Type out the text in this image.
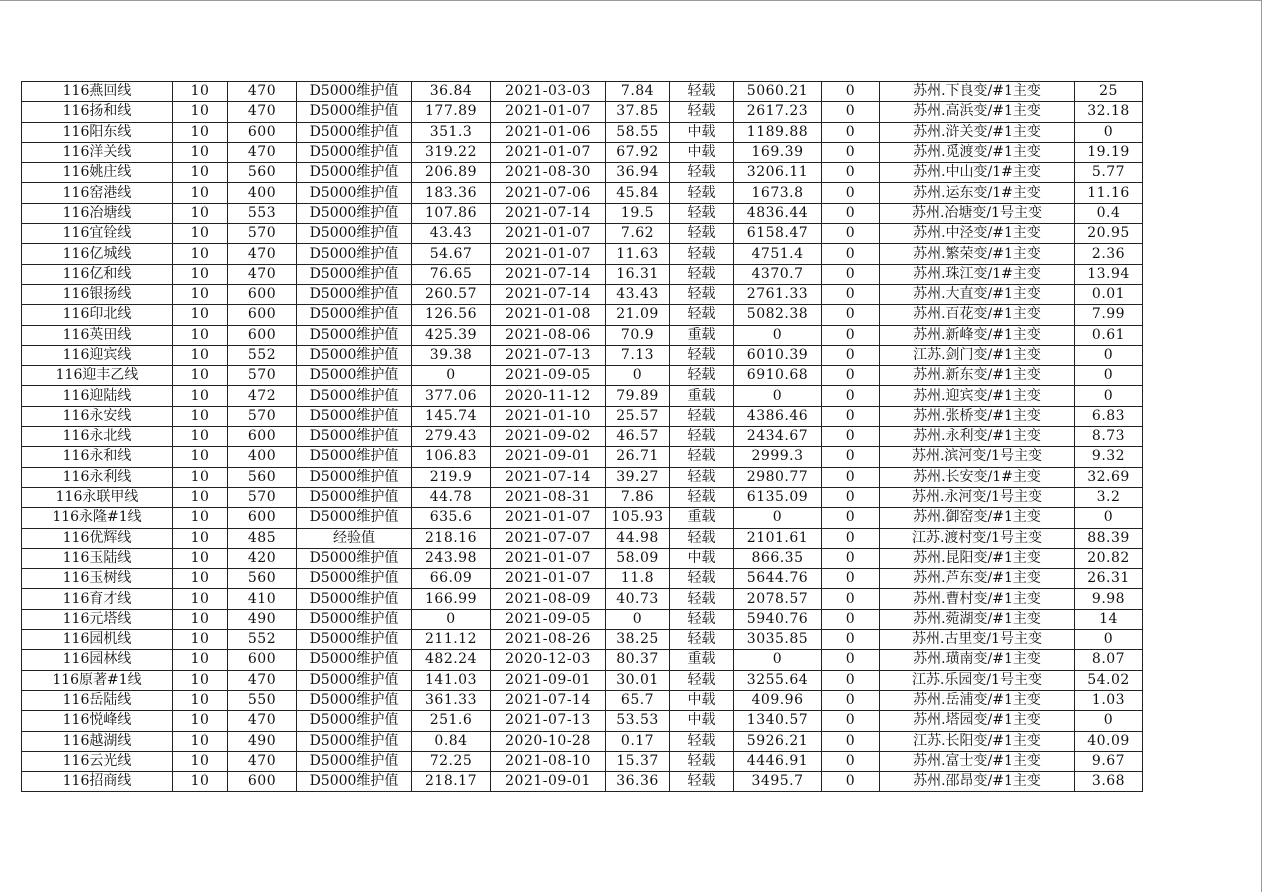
116燕回线	10	470	D5000维护值	36.84	2021-03-03	7.84	轻载	5060.21	0	苏州.下良变/#1主变	25
116扬和线	10	470	D5000维护值	177.89	2021-01-07	37.85	轻载	2617.23	0	苏州.高浜变/#1主变	32.18
116阳东线	10	600	D5000维护值	351.3	2021-01-06	58.55	中载	1189.88	0	苏州.浒关变/#1主变	0
116洋关线	10	470	D5000维护值	319.22	2021-01-07	67.92	中载	169.39	0	苏州.觅渡变/#1主变	19.19
116姚庄线	10	560	D5000维护值	206.89	2021-08-30	36.94	轻载	3206.11	0	苏州.中山变/1#主变	5.77
116窑港线	10	400	D5000维护值	183.36	2021-07-06	45.84	轻载	1673.8	0	苏州.运东变/1#主变	11.16
116冶塘线	10	553	D5000维护值	107.86	2021-07-14	19.5	轻载	4836.44	0	苏州.冶塘变/1号主变	0.4
116宜铨线	10	570	D5000维护值	43.43	2021-01-07	7.62	轻载	6158.47	0	苏州.中泾变/#1主变	20.95
116亿城线	10	470	D5000维护值	54.67	2021-01-07	11.63	轻载	4751.4	0	苏州.繁荣变/#1主变	2.36
116亿和线	10	470	D5000维护值	76.65	2021-07-14	16.31	轻载	4370.7	0	苏州.珠江变/1#主变	13.94
116银扬线	10	600	D5000维护值	260.57	2021-07-14	43.43	轻载	2761.33	0	苏州.大直变/#1主变	0.01
116印北线	10	600	D5000维护值	126.56	2021-01-08	21.09	轻载	5082.38	0	苏州.百花变/#1主变	7.99
116英田线	10	600	D5000维护值	425.39	2021-08-06	70.9	重载	0	0	苏州.新峰变/#1主变	0.61
116迎宾线	10	552	D5000维护值	39.38	2021-07-13	7.13	轻载	6010.39	0	江苏.剑门变/#1主变	0
116迎丰乙线	10	570	D5000维护值	0	2021-09-05	0	轻载	6910.68	0	苏州.新东变/#1主变	0
116迎陆线	10	472	D5000维护值	377.06	2020-11-12	79.89	重载	0	0	苏州.迎宾变/#1主变	0
116永安线	10	570	D5000维护值	145.74	2021-01-10	25.57	轻载	4386.46	0	苏州.张桥变/#1主变	6.83
116永北线	10	600	D5000维护值	279.43	2021-09-02	46.57	轻载	2434.67	0	苏州.永利变/#1主变	8.73
116永和线	10	400	D5000维护值	106.83	2021-09-01	26.71	轻载	2999.3	0	苏州.滨河变/1号主变	9.32
116永利线	10	560	D5000维护值	219.9	2021-07-14	39.27	轻载	2980.77	0	苏州.长安变/1#主变	32.69
116永联甲线	10	570	D5000维护值	44.78	2021-08-31	7.86	轻载	6135.09	0	苏州.永河变/1号主变	3.2
116永隆#1线	10	600	D5000维护值	635.6	2021-01-07	105.93	重载	0	0	苏州.御窑变/#1主变	0
116优辉线	10	485	经验值	218.16	2021-07-07	44.98	轻载	2101.61	0	江苏.渡村变/1号主变	88.39
116玉陆线	10	420	D5000维护值	243.98	2021-01-07	58.09	中载	866.35	0	苏州.昆阳变/#1主变	20.82
116玉树线	10	560	D5000维护值	66.09	2021-01-07	11.8	轻载	5644.76	0	苏州.芦东变/#1主变	26.31
116育才线	10	410	D5000维护值	166.99	2021-08-09	40.73	轻载	2078.57	0	苏州.曹村变/#1主变	9.98
116元塔线	10	490	D5000维护值	0	2021-09-05	0	轻载	5940.76	0	苏州.菀湖变/#1主变	14
116园机线	10	552	D5000维护值	211.12	2021-08-26	38.25	轻载	3035.85	0	苏州.古里变/1号主变	0
116园林线	10	600	D5000维护值	482.24	2020-12-03	80.37	重载	0	0	苏州.璜南变/#1主变	8.07
116原著#1线	10	470	D5000维护值	141.03	2021-09-01	30.01	轻载	3255.64	0	江苏.乐园变/1号主变	54.02
116岳陆线	10	550	D5000维护值	361.33	2021-07-14	65.7	中载	409.96	0	苏州.岳浦变/#1主变	1.03
116悦峰线	10	470	D5000维护值	251.6	2021-07-13	53.53	中载	1340.57	0	苏州.塔园变/#1主变	0
116越湖线	10	490	D5000维护值	0.84	2020-10-28	0.17	轻载	5926.21	0	江苏.长阳变/#1主变	40.09
116云光线	10	470	D5000维护值	72.25	2021-08-10	15.37	轻载	4446.91	0	苏州.富士变/#1主变	9.67
116招商线	10	600	D5000维护值	218.17	2021-09-01	36.36	轻载	3495.7	0	苏州.邵昂变/#1主变	3.68
